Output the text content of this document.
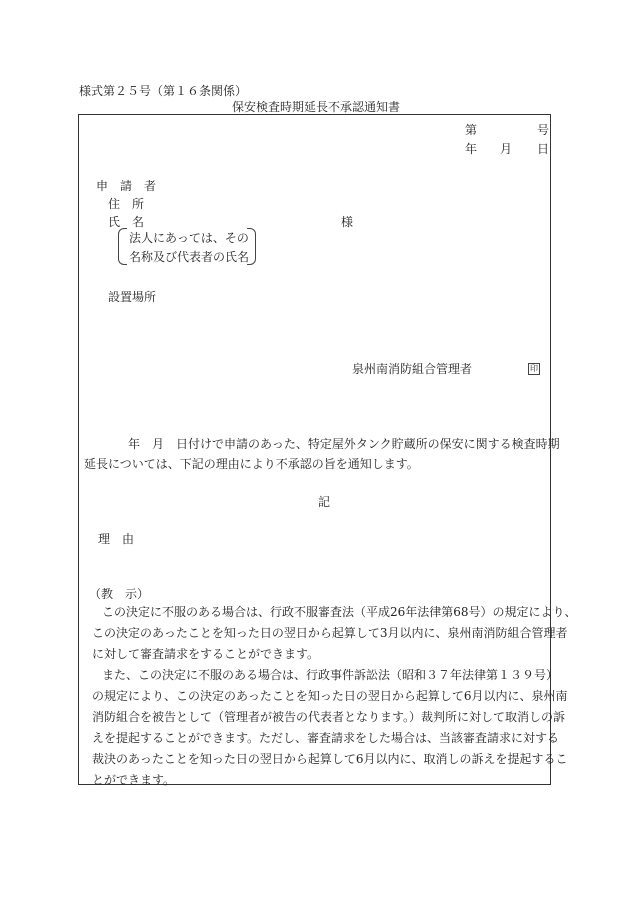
様式第２５号（第１６条関係）
保安検査時期延長不承認通知書
第	号
年 月 日
申　請　者
住　所
氏　名	様
法人にあっては、その
名称及び代表者の氏名
設置場所
泉州南消防組合管理者	印
年　月　日付けで申請のあった、特定屋外タンク貯蔵所の保安に関する検査時期
延長については、下記の理由により不承認の旨を通知します。
記
理　由
（教　示）
この決定に不服のある場合は、行政不服審査法（平成26年法律第68号）の規定により、
この決定のあったことを知った日の翌日から起算して3月以内に、泉州南消防組合管理者
に対して審査請求をすることができます。
また、この決定に不服のある場合は、行政事件訴訟法（昭和３７年法律第１３９号）
の規定により、この決定のあったことを知った日の翌日から起算して6月以内に、泉州南
消防組合を被告として（管理者が被告の代表者となります。）裁判所に対して取消しの訴
えを提起することができます。ただし、審査請求をした場合は、当該審査請求に対する
裁決のあったことを知った日の翌日から起算して6月以内に、取消しの訴えを提起するこ
とができます。
